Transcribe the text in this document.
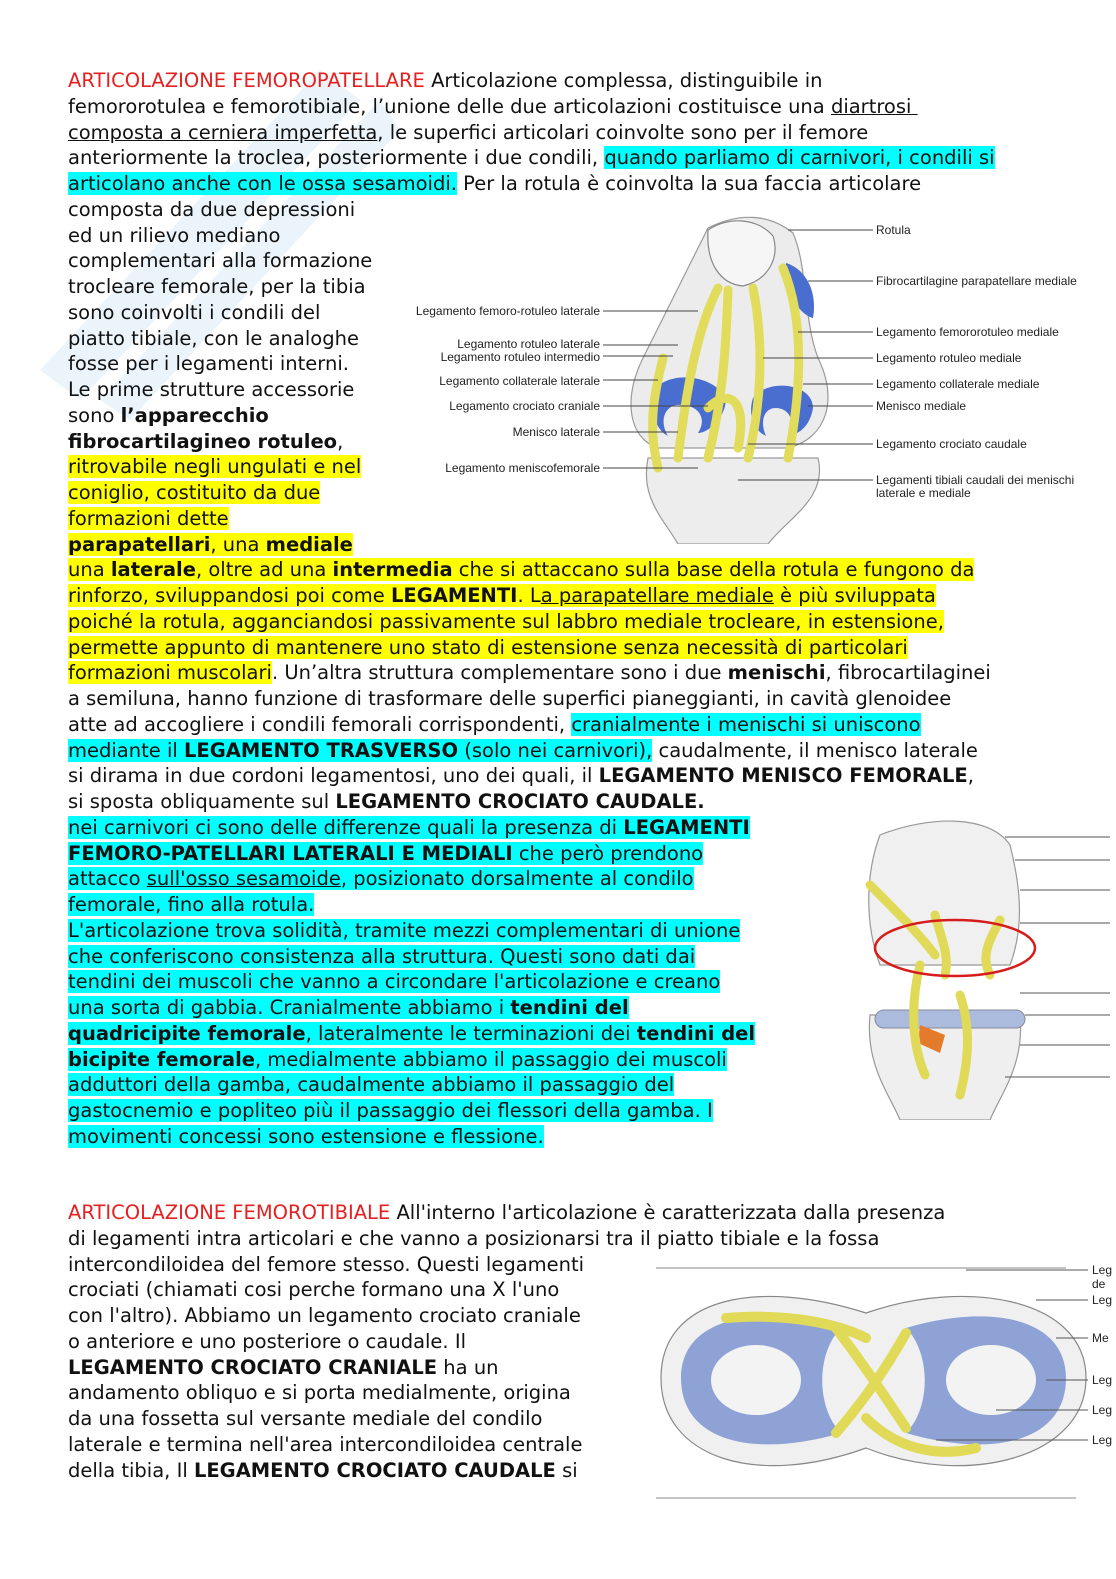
ARTICOLAZIONE FEMOROPATELLARE Articolazione complessa, distinguibile in
femororotulea e femorotibiale, l’unione delle due articolazioni costituisce una diartrosi
composta a cerniera imperfetta, le superfici articolari coinvolte sono per il femore
anteriormente la troclea, posteriormente i due condili, quando parliamo di carnivori, i condili si
articolano anche con le ossa sesamoidi. Per la rotula è coinvolta la sua faccia articolare
composta da due depressioni
ed un rilievo mediano
complementari alla formazione
trocleare femorale, per la tibia
sono coinvolti i condili del
piatto tibiale, con le analoghe
fosse per i legamenti interni.
Le prime strutture accessorie
sono l’apparecchio
fibrocartilagineo rotuleo,
ritrovabile negli ungulati e nel
coniglio, costituito da due
formazioni dette
parapatellari, una mediale
una laterale, oltre ad una intermedia che si attaccano sulla base della rotula e fungono da
rinforzo, sviluppandosi poi come LEGAMENTI. La parapatellare mediale è più sviluppata
poiché la rotula, agganciandosi passivamente sul labbro mediale trocleare, in estensione,
permette appunto di mantenere uno stato di estensione senza necessità di particolari
formazioni muscolari. Un’altra struttura complementare sono i due menischi, fibrocartilaginei
a semiluna, hanno funzione di trasformare delle superfici pianeggianti, in cavità glenoidee
atte ad accogliere i condili femorali corrispondenti, cranialmente i menischi si uniscono
mediante il LEGAMENTO TRASVERSO (solo nei carnivori), caudalmente, il menisco laterale
si dirama in due cordoni legamentosi, uno dei quali, il LEGAMENTO MENISCO FEMORALE,
si sposta obliquamente sul LEGAMENTO CROCIATO CAUDALE.
nei carnivori ci sono delle differenze quali la presenza di LEGAMENTI
FEMORO-PATELLARI LATERALI E MEDIALI che però prendono
attacco sull'osso sesamoide, posizionato dorsalmente al condilo
femorale, fino alla rotula.
L'articolazione trova solidità, tramite mezzi complementari di unione
che conferiscono consistenza alla struttura. Questi sono dati dai
tendini dei muscoli che vanno a circondare l'articolazione e creano
una sorta di gabbia. Cranialmente abbiamo i tendini del
quadricipite femorale, lateralmente le terminazioni dei tendini del
bicipite femorale, medialmente abbiamo il passaggio dei muscoli
adduttori della gamba, caudalmente abbiamo il passaggio del
gastocnemio e popliteo più il passaggio dei flessori della gamba. I
movimenti concessi sono estensione e flessione.
ARTICOLAZIONE FEMOROTIBIALE All'interno l'articolazione è caratterizzata dalla presenza
di legamenti intra articolari e che vanno a posizionarsi tra il piatto tibiale e la fossa
intercondiloidea del femore stesso. Questi legamenti
crociati (chiamati cosi perche formano una X l'uno
con l'altro). Abbiamo un legamento crociato craniale
o anteriore e uno posteriore o caudale. Il
LEGAMENTO CROCIATO CRANIALE ha un
andamento obliquo e si porta medialmente, origina
da una fossetta sul versante mediale del condilo
laterale e termina nell'area intercondiloidea centrale
della tibia, Il LEGAMENTO CROCIATO CAUDALE si
Legamento femoro-rotuleo laterale
Legamento rotuleo laterale
Legamento rotuleo intermedio
Legamento collaterale laterale
Legamento crociato craniale
Menisco laterale
Legamento meniscofemorale
Rotula
Fibrocartilagine parapatellare mediale
Legamento femororotuleo mediale
Legamento rotuleo mediale
Legamento collaterale mediale
Menisco mediale
Legamento crociato caudale
Legamenti tibiali caudali dei menischi
laterale e mediale
Leg
de
Leg
Me
Leg
Leg
Leg
